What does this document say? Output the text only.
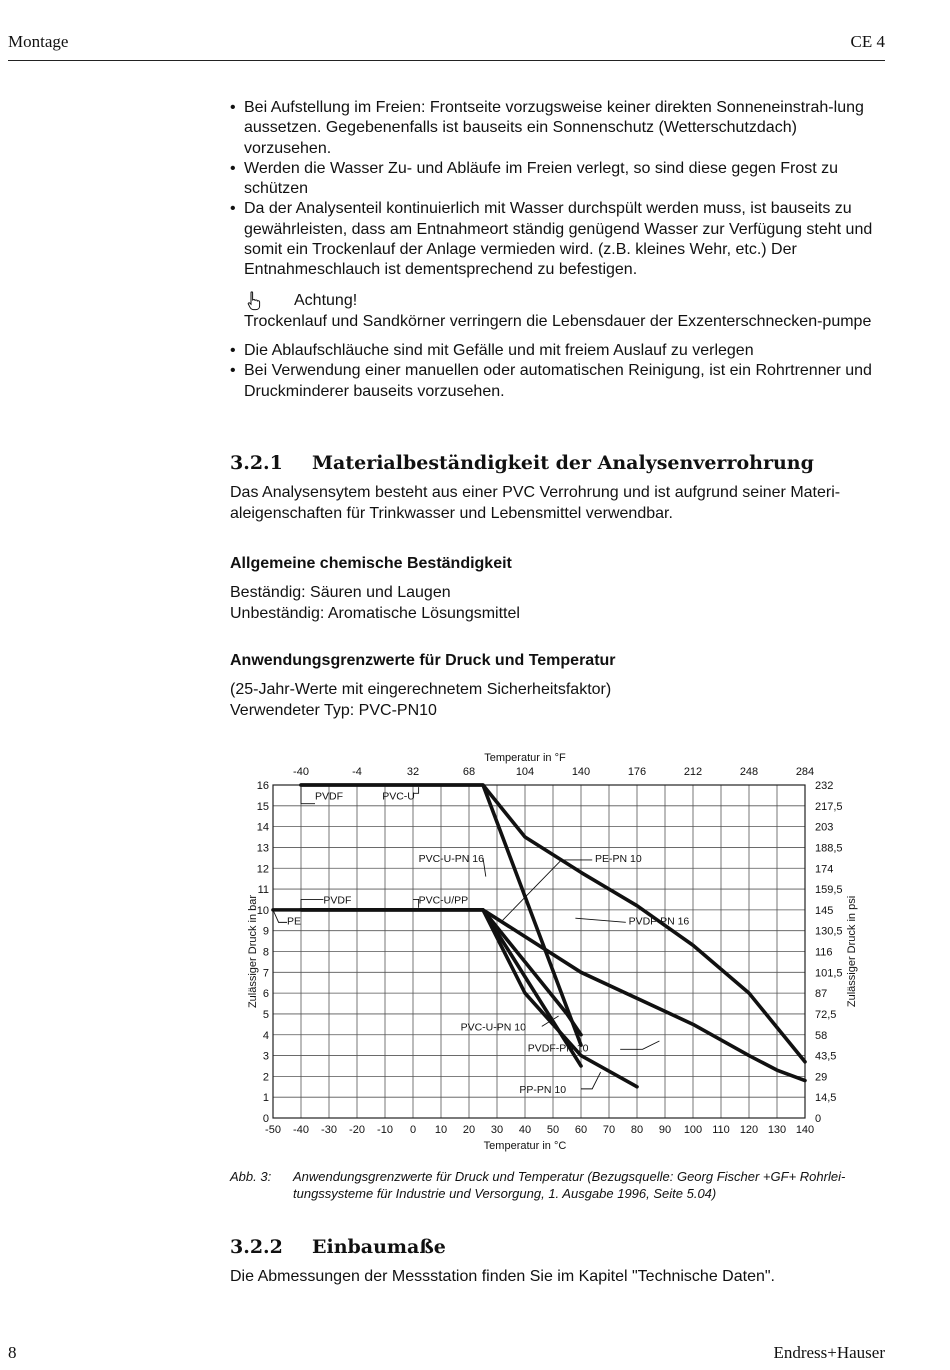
Montage	CE 4
• Bei Aufstellung im Freien: Frontseite vorzugsweise keiner direkten Sonneneinstrah-lung aussetzen. Gegebenenfalls ist bauseits ein Sonnenschutz (Wetterschutzdach) vorzusehen.
• Werden die Wasser Zu- und Abläufe im Freien verlegt, so sind diese gegen Frost zu schützen
• Da der Analysenteil kontinuierlich mit Wasser durchspült werden muss, ist bauseits zu gewährleisten, dass am Entnahmeort ständig genügend Wasser zur Verfügung steht und somit ein Trockenlauf der Anlage vermieden wird. (z.B. kleines Wehr, etc.) Der Entnahmeschlauch ist dementsprechend zu befestigen.
Achtung!
Trockenlauf und Sandkörner verringern die Lebensdauer der Exzenterschnecken-pumpe
• Die Ablaufschläuche sind mit Gefälle und mit freiem Auslauf zu verlegen
• Bei Verwendung einer manuellen oder automatischen Reinigung, ist ein Rohrtrenner und Druckminderer bauseits vorzusehen.
3.2.1	Materialbeständigkeit der Analysenverrohrung

Das Analysensytem besteht aus einer PVC Verrohrung und ist aufgrund seiner Materi-aleigenschaften für Trinkwasser und Lebensmittel verwendbar.

Allgemeine chemische Beständigkeit

Beständig: Säuren und Laugen

Unbeständig: Aromatische Lösungsmittel

Anwendungsgrenzwerte für Druck und Temperatur

(25-Jahr-Werte mit eingerechnetem Sicherheitsfaktor)

Verwendeter Typ: PVC-PN10

-50 -40 -30 -20 -10 0 10 20 30 40 50 60 70 80 90 100 110 120 130 140
0
1
2
3
4
5
6
7
8
9
10
11
12
13
14
15
16
0
14,5
29
43,5
58
72,5
87
101,5
116
130,5
145
159,5
174
188,5
203
217,5
232
-40	-4	32	68	104	140	176	212	248	284
Temperatur in °C
Temperatur in °F
Zulässiger Druck in bar	Zulässiger Druck in psi
PVDF	PVC-U
PVC-U-PN 16	PE-PN 10
PVDF	PVC-U/PP
PVDF-PN 16
PE
PVC-U-PN 10
PVDF-PN 10
PP-PN 10
Abb. 3:	Anwendungsgrenzwerte für Druck und Temperatur (Bezugsquelle: Georg Fischer +GF+ Rohrlei-tungssysteme für Industrie und Versorgung, 1. Ausgabe 1996, Seite 5.04)
3.2.2	Einbaumaße

Die Abmessungen der Messstation finden Sie im Kapitel "Technische Daten".

8	Endress+Hauser
